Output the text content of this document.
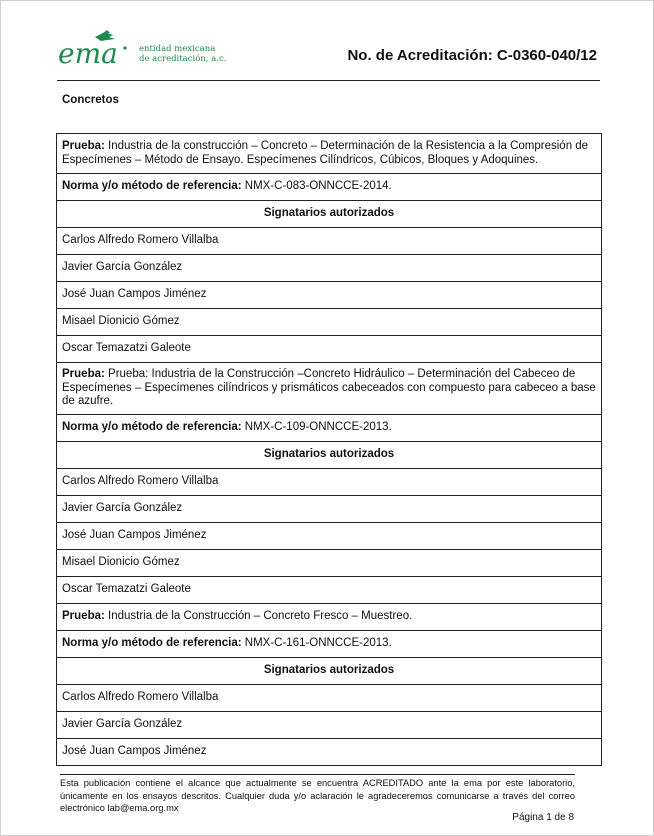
ema entidad mexicana
de acreditación, a.c.	No. de Acreditación: C-0360-040/12
Concretos
Prueba: Industria de la construcción – Concreto – Determinación de la Resistencia a la Compresión de Especímenes – Método de Ensayo. Especímenes Cilíndricos, Cúbicos, Bloques y Adoquines.
Norma y/o método de referencia: NMX-C-083-ONNCCE-2014.
Signatarios autorizados
Carlos Alfredo Romero Villalba
Javier García González
José Juan Campos Jiménez
Misael Dionicio Gómez
Oscar Temazatzi Galeote
Prueba: Prueba: Industria de la Construcción –Concreto Hidráulico – Determinación del Cabeceo de Especímenes – Especímenes cilíndricos y prismáticos cabeceados con compuesto para cabeceo a base de azufre.
Norma y/o método de referencia: NMX-C-109-ONNCCE-2013.
Signatarios autorizados
Carlos Alfredo Romero Villalba
Javier García González
José Juan Campos Jiménez
Misael Dionicio Gómez
Oscar Temazatzi Galeote
Prueba: Industria de la Construcción – Concreto Fresco – Muestreo.
Norma y/o método de referencia: NMX-C-161-ONNCCE-2013.
Signatarios autorizados
Carlos Alfredo Romero Villalba
Javier García González
José Juan Campos Jiménez
Esta publicación contiene el alcance que actualmente se encuentra ACREDITADO ante la ema por este laboratorio, únicamente en los ensayos descritos. Cualquier duda y/o aclaración le agradeceremos comunicarse a través del correo electrónico lab@ema.org.mx
Página 1 de 8
